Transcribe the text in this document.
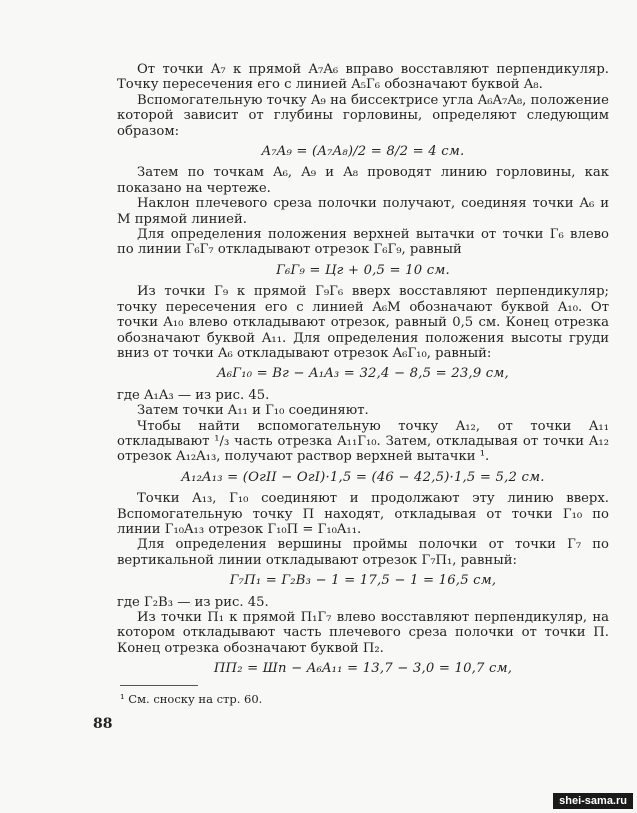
От точки A₇ к прямой A₇A₆ вправо восставляют перпендикуляр. Точку пересечения его с линией A₅Г₆ обозначают буквой A₈.
Вспомогательную точку A₉ на биссектрисе угла A₆A₇A₈, положение которой зависит от глубины горловины, определяют следующим образом:
A₇A₉ = (A₇A₈)/2 = 8/2 = 4 см.
Затем по точкам A₆, A₉ и A₈ проводят линию горловины, как показано на чертеже.
Наклон плечевого среза полочки получают, соединяя точки A₆ и M прямой линией.
Для определения положения верхней вытачки от точки Г₆ влево по линии Г₆Г₇ откладывают отрезок Г₆Г₉, равный
Г₆Г₉ = Цг + 0,5 = 10 см.
Из точки Г₉ к прямой Г₉Г₆ вверх восставляют перпендикуляр; точку пересечения его с линией A₆M обозначают буквой A₁₀. От точки A₁₀ влево откладывают отрезок, равный 0,5 см. Конец отрезка обозначают буквой A₁₁. Для определения положения высоты груди вниз от точки A₆ откладывают отрезок A₆Г₁₀, равный:
A₆Г₁₀ = Вг − A₁A₃ = 32,4 − 8,5 = 23,9 см,
где A₁A₃ — из рис. 45.
Затем точки A₁₁ и Г₁₀ соединяют.
Чтобы найти вспомогательную точку A₁₂, от точки A₁₁ откладывают ¹/₃ часть отрезка A₁₁Г₁₀. Затем, откладывая от точки A₁₂ отрезок A₁₂A₁₃, получают раствор верхней вытачки ¹.
A₁₂A₁₃ = (OгII − OгI)·1,5 = (46 − 42,5)·1,5 = 5,2 см.
Точки A₁₃, Г₁₀ соединяют и продолжают эту линию вверх. Вспомогательную точку П находят, откладывая от точки Г₁₀ по линии Г₁₀A₁₃ отрезок Г₁₀П = Г₁₀A₁₁.
Для определения вершины проймы полочки от точки Г₇ по вертикальной линии откладывают отрезок Г₇П₁, равный:
Г₇П₁ = Г₂В₃ − 1 = 17,5 − 1 = 16,5 см,
где Г₂В₃ — из рис. 45.
Из точки П₁ к прямой П₁Г₇ влево восставляют перпендикуляр, на котором откладывают часть плечевого среза полочки от точки П. Конец отрезка обозначают буквой П₂.
ПП₂ = Шп − A₆A₁₁ = 13,7 − 3,0 = 10,7 см,
¹ См. сноску на стр. 60.
88
shei-sama.ru
